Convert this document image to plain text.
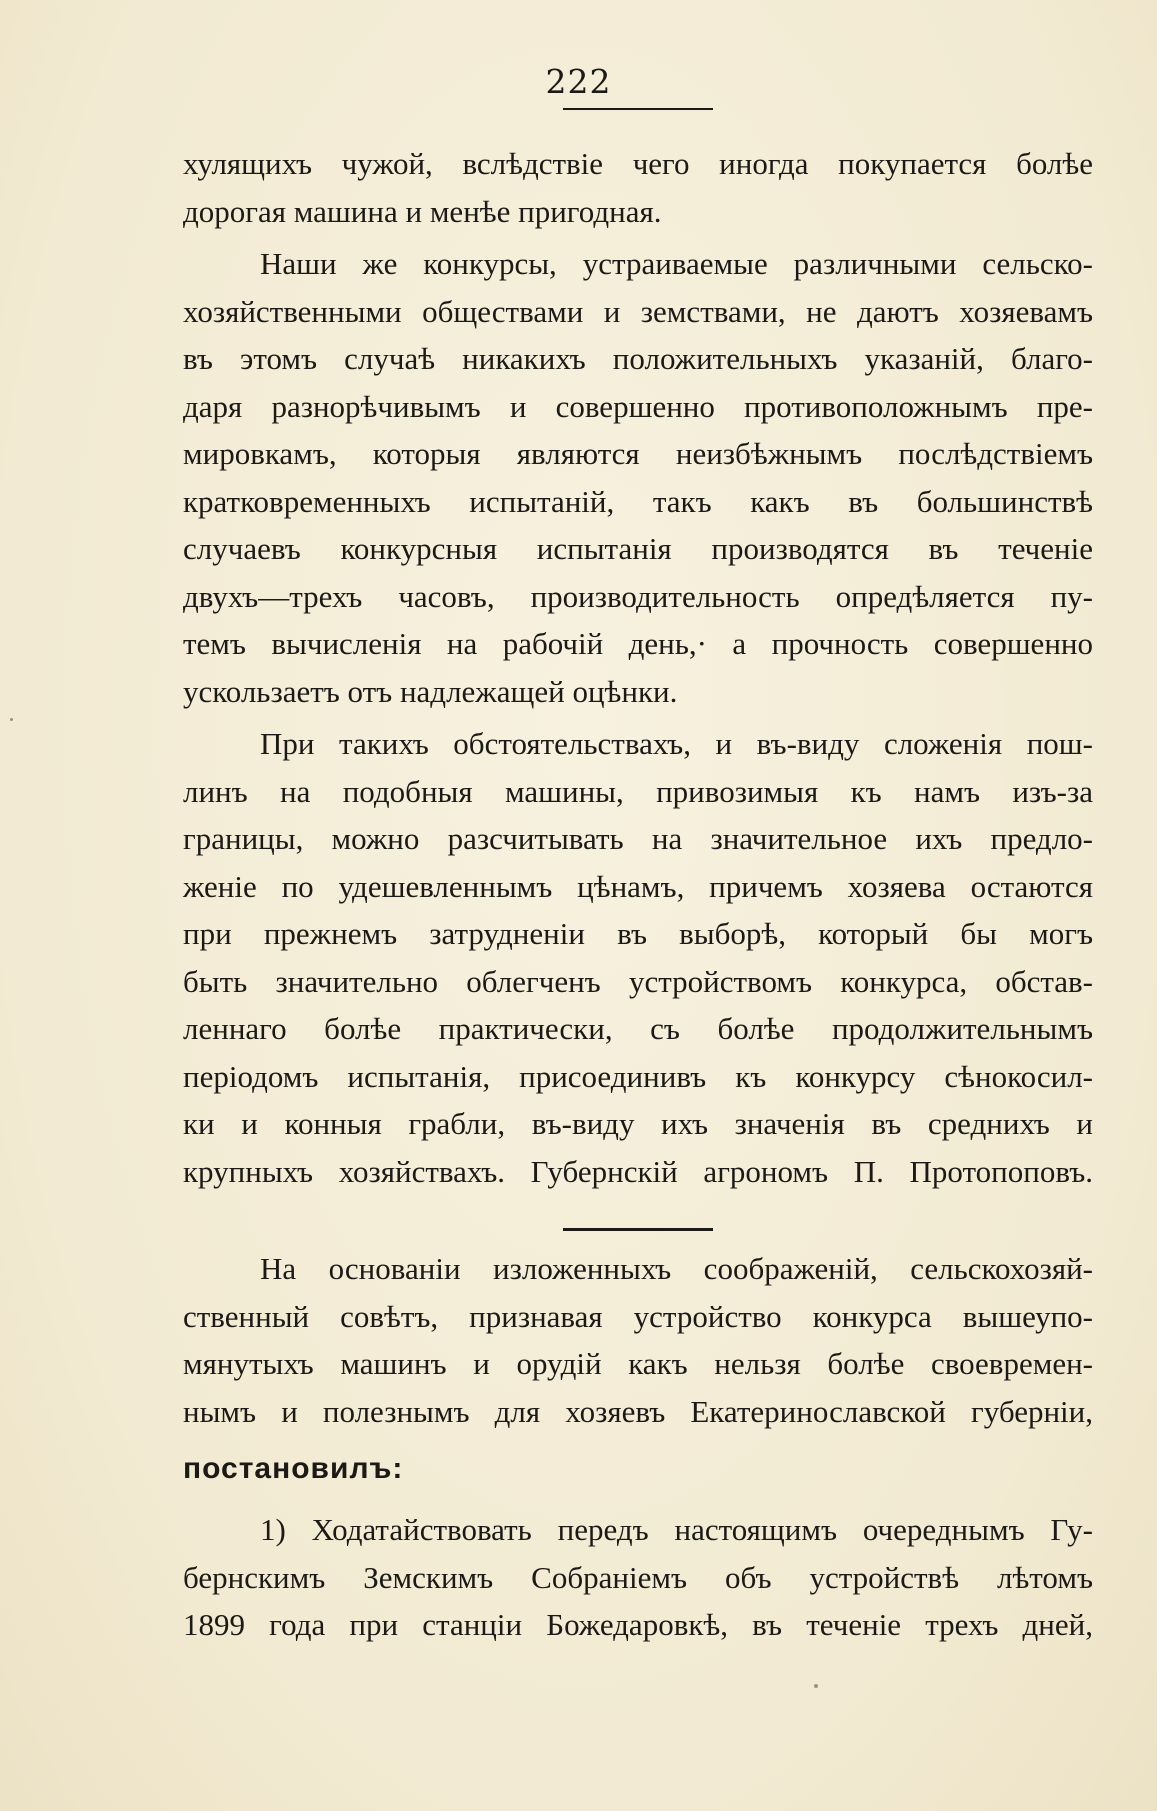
222
хулящихъ чужой, вслѣдствіе чего иногда покупается болѣе
дорогая машина и менѣе пригодная.
Наши же конкурсы, устраиваемые различными сельско-
хозяйственными обществами и земствами, не даютъ хозяевамъ
въ этомъ случаѣ никакихъ положительныхъ указаній, благо-
даря разнорѣчивымъ и совершенно противоположнымъ пре-
мировкамъ, которыя являются неизбѣжнымъ послѣдствіемъ
кратковременныхъ испытаній, такъ какъ въ большинствѣ
случаевъ конкурсныя испытанія производятся въ теченіе
двухъ—трехъ часовъ, производительность опредѣляется пу-
темъ вычисленія на рабочій день,· а прочность совершенно
ускользаетъ отъ надлежащей оцѣнки.
При такихъ обстоятельствахъ, и въ-виду сложенія пош-
линъ на подобныя машины, привозимыя къ намъ изъ-за
границы, можно разсчитывать на значительное ихъ предло-
женіе по удешевленнымъ цѣнамъ, причемъ хозяева остаются
при прежнемъ затрудненіи въ выборѣ, который бы могъ
быть значительно облегченъ устройствомъ конкурса, обстав-
леннаго болѣе практически, съ болѣе продолжительнымъ
періодомъ испытанія, присоединивъ къ конкурсу сѣнокосил-
ки и конныя грабли, въ-виду ихъ значенія въ среднихъ и
крупныхъ хозяйствахъ. Губернскій агрономъ П. Протопоповъ.
На основаніи изложенныхъ соображеній, сельскохозяй-
ственный совѣтъ, признавая устройство конкурса вышеупо-
мянутыхъ машинъ и орудій какъ нельзя болѣе своевремен-
нымъ и полезнымъ для хозяевъ Екатеринославской губерніи,
постановилъ:
1) Ходатайствовать передъ настоящимъ очереднымъ Гу-
бернскимъ Земскимъ Собраніемъ объ устройствѣ лѣтомъ
1899 года при станціи Божедаровкѣ, въ теченіе трехъ дней,
